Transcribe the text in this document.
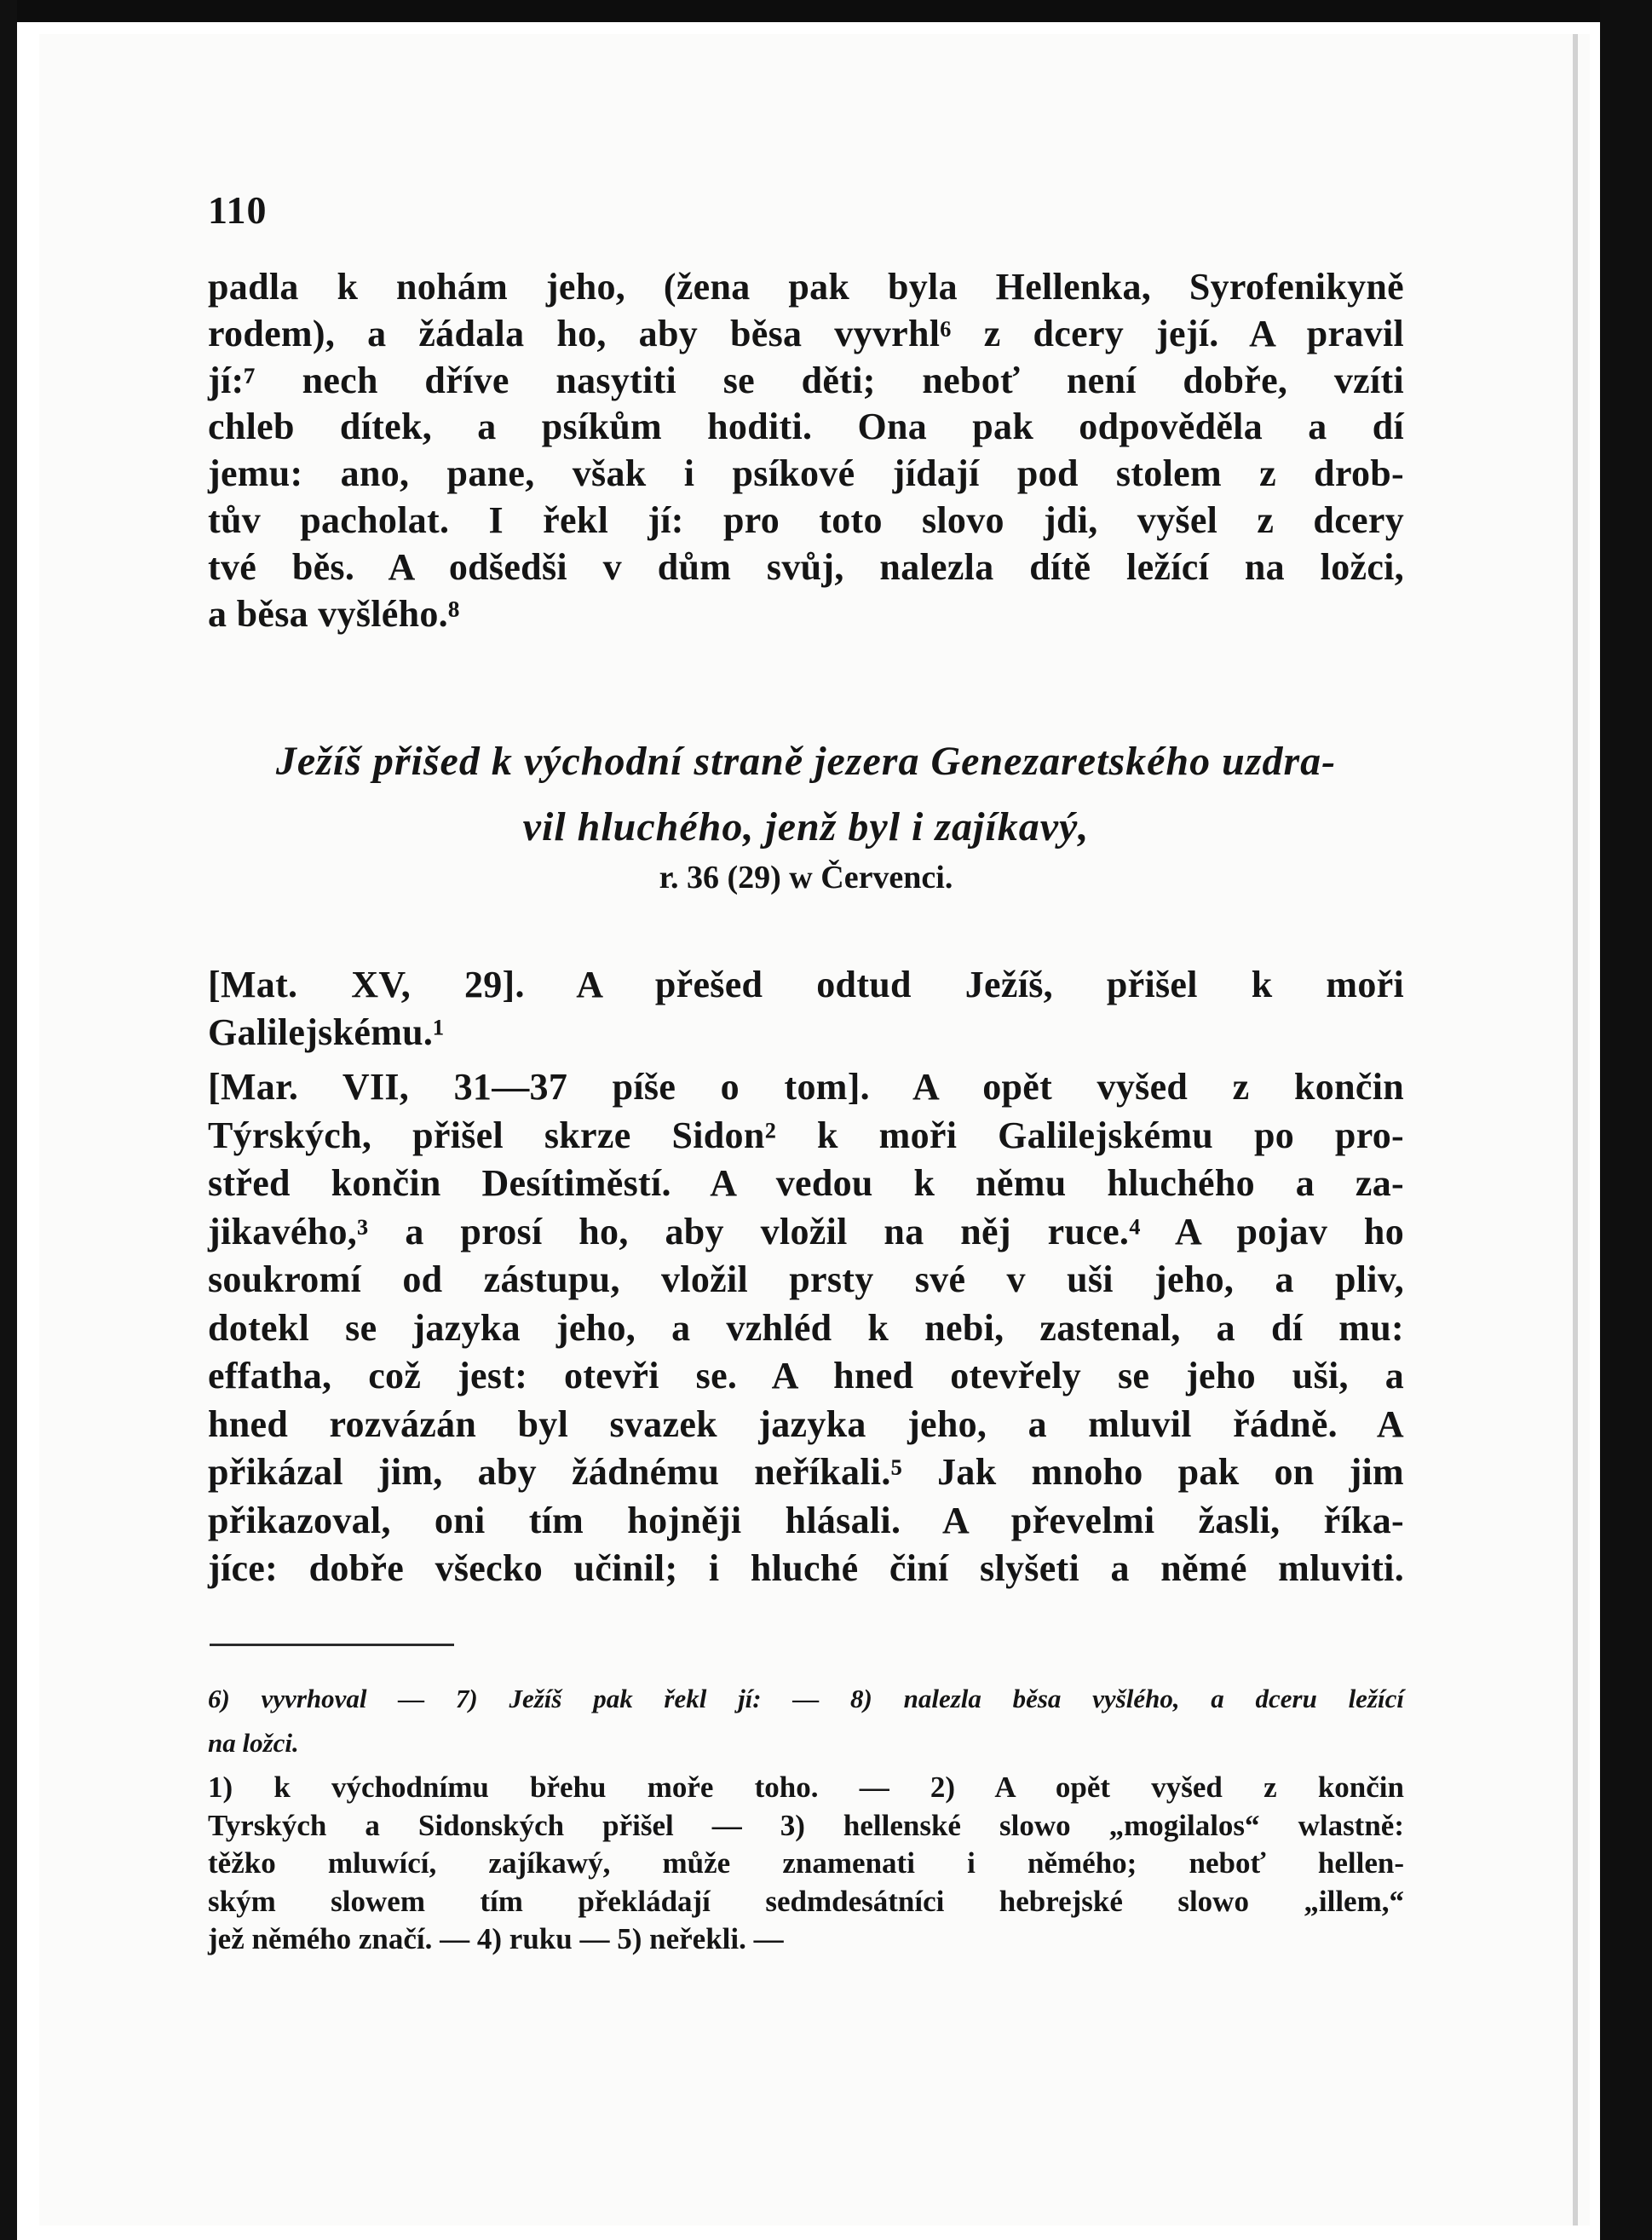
110
padla k nohám jeho, (žena pak byla Hellenka, Syrofenikyně
rodem), a žádala ho, aby běsa vyvrhl⁶ z dcery její. A pravil
jí:⁷ nech dříve nasytiti se děti; neboť není dobře, vzíti
chleb dítek, a psíkům hoditi. Ona pak odpověděla a dí
jemu: ano, pane, však i psíkové jídají pod stolem z drob-
tův pacholat. I řekl jí: pro toto slovo jdi, vyšel z dcery
tvé běs. A odšedši v dům svůj, nalezla dítě ležící na ložci,
a běsa vyšlého.⁸
Ježíš přišed k východní straně jezera Genezaretského uzdra-
vil hluchého, jenž byl i zajíkavý,
r. 36 (29) w Červenci.
[Mat. XV, 29]. A přešed odtud Ježíš, přišel k moři
Galilejskému.¹
[Mar. VII, 31—37 píše o tom]. A opět vyšed z končin
Týrských, přišel skrze Sidon² k moři Galilejskému po pro-
střed končin Desítiměstí. A vedou k němu hluchého a za-
jikavého,³ a prosí ho, aby vložil na něj ruce.⁴ A pojav ho
soukromí od zástupu, vložil prsty své v uši jeho, a pliv,
dotekl se jazyka jeho, a vzhléd k nebi, zastenal, a dí mu:
effatha, což jest: otevři se. A hned otevřely se jeho uši, a
hned rozvázán byl svazek jazyka jeho, a mluvil řádně. A
přikázal jim, aby žádnému neříkali.⁵ Jak mnoho pak on jim
přikazoval, oni tím hojněji hlásali. A převelmi žasli, říka-
jíce: dobře všecko učinil; i hluché činí slyšeti a němé mluviti.
6) vyvrhoval — 7) Ježíš pak řekl jí: — 8) nalezla běsa vyšlého, a dceru ležící
na ložci.
1) k východnímu břehu moře toho. — 2) A opět vyšed z končin
Tyrských a Sidonských přišel — 3) hellenské slowo „mogilalos“ wlastně:
těžko mluwící, zajíkawý, může znamenati i němého; neboť hellen-
ským slowem tím překládají sedmdesátníci hebrejské slowo „illem,“
jež němého značí. — 4) ruku — 5) neřekli. —
